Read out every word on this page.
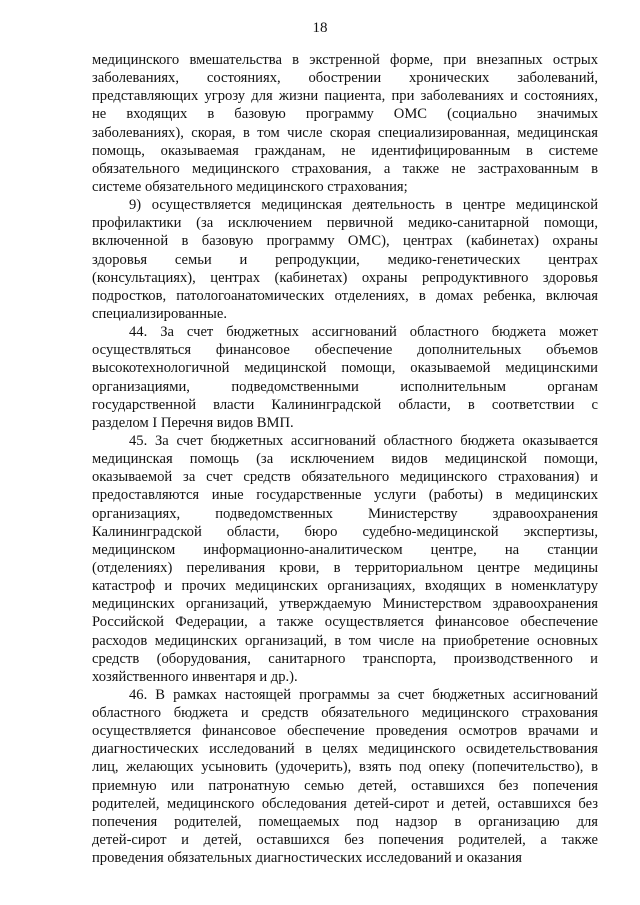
18
медицинского вмешательства в экстренной форме, при внезапных острых
заболеваниях, состояниях, обострении хронических заболеваний,
представляющих угрозу для жизни пациента, при заболеваниях и состояниях,
не входящих в базовую программу ОМС (социально значимых
заболеваниях), скорая, в том числе скорая специализированная, медицинская
помощь, оказываемая гражданам, не идентифицированным в системе
обязательного медицинского страхования, а также не застрахованным в
системе обязательного медицинского страхования;
9) осуществляется медицинская деятельность в центре медицинской
профилактики (за исключением первичной медико-санитарной помощи,
включенной в базовую программу ОМС), центрах (кабинетах) охраны
здоровья семьи и репродукции, медико-генетических центрах
(консультациях), центрах (кабинетах) охраны репродуктивного здоровья
подростков, патологоанатомических отделениях, в домах ребенка, включая
специализированные.
44. За счет бюджетных ассигнований областного бюджета может
осуществляться финансовое обеспечение дополнительных объемов
высокотехнологичной медицинской помощи, оказываемой медицинскими
организациями, подведомственными исполнительным органам
государственной власти Калининградской области, в соответствии с
разделом I Перечня видов ВМП.
45. За счет бюджетных ассигнований областного бюджета оказывается
медицинская помощь (за исключением видов медицинской помощи,
оказываемой за счет средств обязательного медицинского страхования) и
предоставляются иные государственные услуги (работы) в медицинских
организациях, подведомственных Министерству здравоохранения
Калининградской области, бюро судебно-медицинской экспертизы,
медицинском информационно-аналитическом центре, на станции
(отделениях) переливания крови, в территориальном центре медицины
катастроф и прочих медицинских организациях, входящих в номенклатуру
медицинских организаций, утверждаемую Министерством здравоохранения
Российской Федерации, а также осуществляется финансовое обеспечение
расходов медицинских организаций, в том числе на приобретение основных
средств (оборудования, санитарного транспорта, производственного и
хозяйственного инвентаря и др.).
46. В рамках настоящей программы за счет бюджетных ассигнований
областного бюджета и средств обязательного медицинского страхования
осуществляется финансовое обеспечение проведения осмотров врачами и
диагностических исследований в целях медицинского освидетельствования
лиц, желающих усыновить (удочерить), взять под опеку (попечительство), в
приемную или патронатную семью детей, оставшихся без попечения
родителей, медицинского обследования детей-сирот и детей, оставшихся без
попечения родителей, помещаемых под надзор в организацию для
детей-сирот и детей, оставшихся без попечения родителей, а также
проведения обязательных диагностических исследований и оказания
